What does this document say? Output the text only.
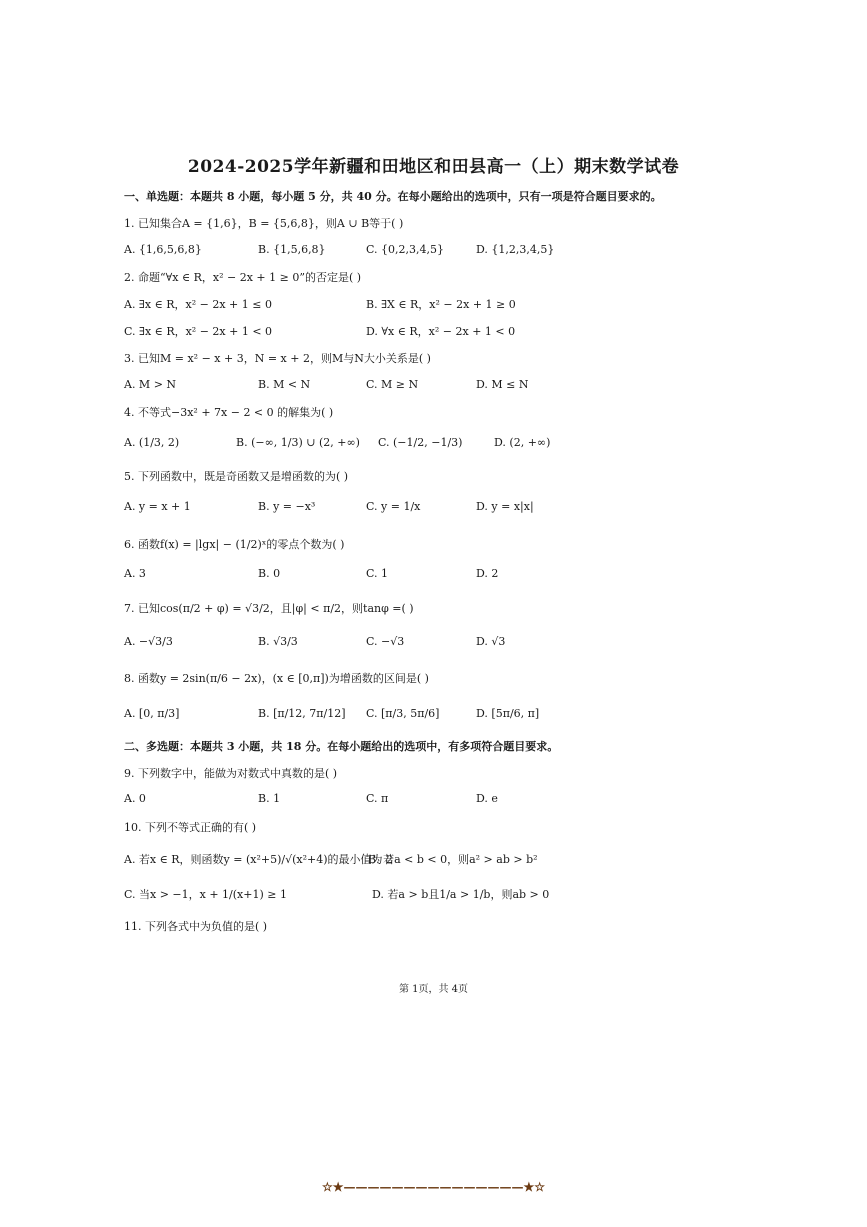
2024-2025学年新疆和田地区和田县高一（上）期末数学试卷
一、单选题：本题共 8 小题，每小题 5 分，共 40 分。在每小题给出的选项中，只有一项是符合题目要求的。
1. 已知集合A = {1,6}，B = {5,6,8}，则A ∪ B等于( )
A. {1,6,5,6,8}	B. {1,5,6,8}	C. {0,2,3,4,5}	D. {1,2,3,4,5}
2. 命题“∀x ∈ R，x² − 2x + 1 ≥ 0”的否定是( )
A. ∃x ∈ R，x² − 2x + 1 ≤ 0	B. ∃X ∈ R，x² − 2x + 1 ≥ 0
C. ∃x ∈ R，x² − 2x + 1 < 0	D. ∀x ∈ R，x² − 2x + 1 < 0
3. 已知M = x² − x + 3，N = x + 2，则M与N大小关系是( )
A. M > N	B. M < N	C. M ≥ N	D. M ≤ N
4. 不等式−3x² + 7x − 2 < 0 的解集为( )
A. (1/3, 2)	B. (−∞, 1/3) ∪ (2, +∞) C. (−1/2, −1/3)	D. (2, +∞)
5. 下列函数中，既是奇函数又是增函数的为( )
A. y = x + 1	B. y = −x³	C. y = 1/x	D. y = x|x|
6. 函数f(x) = |lgx| − (1/2)ˣ的零点个数为( )
A. 3	B. 0	C. 1	D. 2
7. 已知cos(π/2 + φ) = √3/2，且|φ| < π/2，则tanφ =( )
A. −√3/3	B. √3/3	C. −√3	D. √3
8. 函数y = 2sin(π/6 − 2x)，(x ∈ [0,π])为增函数的区间是( )
A. [0, π/3]	B. [π/12, 7π/12] C. [π/3, 5π/6]	D. [5π/6, π]
二、多选题：本题共 3 小题，共 18 分。在每小题给出的选项中，有多项符合题目要求。
9. 下列数字中，能做为对数式中真数的是( )
A. 0	B. 1	C. π	D. e
10. 下列不等式正确的有( )
A. 若x ∈ R，则函数y = (x²+5)/√(x²+4)的最小值为 2
B. 若a < b < 0，则a² > ab > b²
C. 当x > −1，x + 1/(x+1) ≥ 1	D. 若a > b且1/a > 1/b，则ab > 0
11. 下列各式中为负值的是( )
第 1页，共 4页
☆★———————————————★☆
